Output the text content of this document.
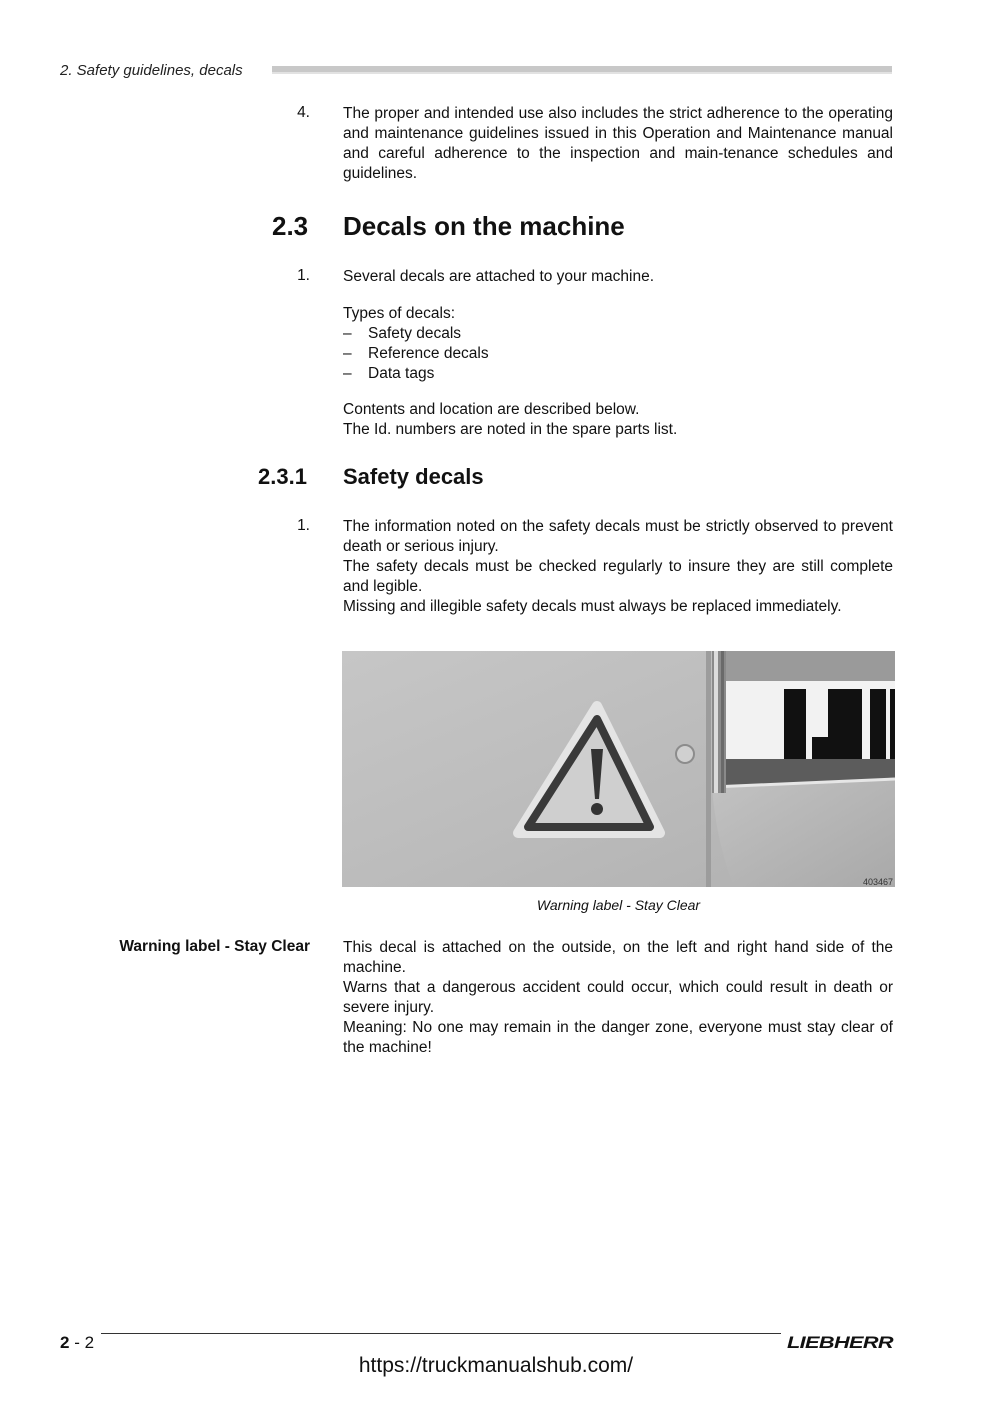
2. Safety guidelines, decals
4. The proper and intended use also includes the strict adherence to the operating and maintenance guidelines issued in this Operation and Maintenance manual and careful adherence to the inspection and main-tenance schedules and guidelines.

2.3 Decals on the machine
1. Several decals are attached to your machine.

Types of decals:

– Safety decals
– Reference decals
– Data tags

Contents and location are described below.

The Id. numbers are noted in the spare parts list.

2.3.1 Safety decals
1. The information noted on the safety decals must be strictly observed to prevent death or serious injury.

The safety decals must be checked regularly to insure they are still complete and legible.

Missing and illegible safety decals must always be replaced immediately.

403467
Warning label - Stay Clear
Warning label - Stay Clear This decal is attached on the outside, on the left and right hand side of the machine.

Warns that a dangerous accident could occur, which could result in death or severe injury.

Meaning: No one may remain in the danger zone, everyone must stay clear of the machine!

2 - 2	LIEBHERR
https://truckmanualshub.com/
